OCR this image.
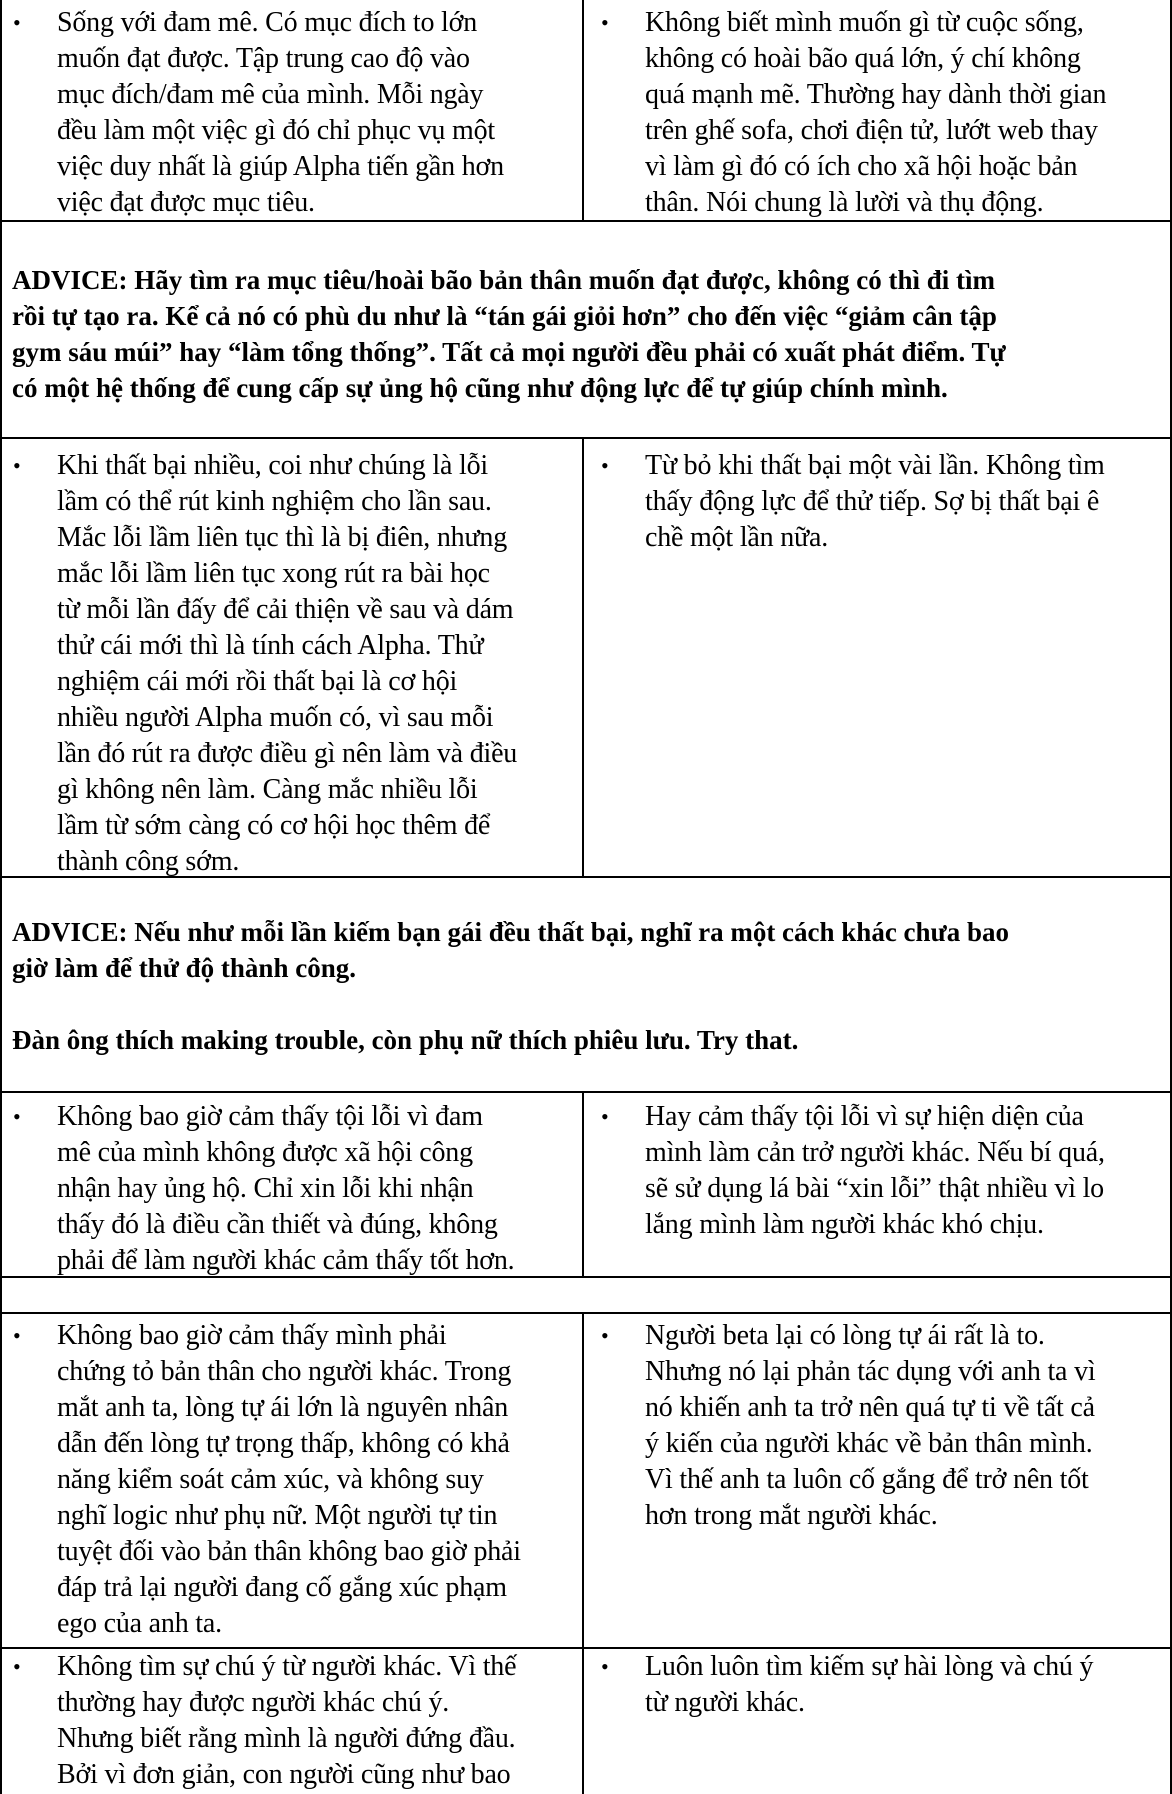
• Sống với đam mê. Có mục đích to lớn
muốn đạt được. Tập trung cao độ vào
mục đích/đam mê của mình. Mỗi ngày
đều làm một việc gì đó chỉ phục vụ một
việc duy nhất là giúp Alpha tiến gần hơn
việc đạt được mục tiêu.
• Không biết mình muốn gì từ cuộc sống,
không có hoài bão quá lớn, ý chí không
quá mạnh mẽ. Thường hay dành thời gian
trên ghế sofa, chơi điện tử, lướt web thay
vì làm gì đó có ích cho xã hội hoặc bản
thân. Nói chung là lười và thụ động.
ADVICE: Hãy tìm ra mục tiêu/hoài bão bản thân muốn đạt được, không có thì đi tìm
rồi tự tạo ra. Kể cả nó có phù du như là “tán gái giỏi hơn” cho đến việc “giảm cân tập
gym sáu múi” hay “làm tổng thống”. Tất cả mọi người đều phải có xuất phát điểm. Tự
có một hệ thống để cung cấp sự ủng hộ cũng như động lực để tự giúp chính mình.
• Khi thất bại nhiều, coi như chúng là lỗi
lầm có thể rút kinh nghiệm cho lần sau.
Mắc lỗi lầm liên tục thì là bị điên, nhưng
mắc lỗi lầm liên tục xong rút ra bài học
từ mỗi lần đấy để cải thiện về sau và dám
thử cái mới thì là tính cách Alpha. Thử
nghiệm cái mới rồi thất bại là cơ hội
nhiều người Alpha muốn có, vì sau mỗi
lần đó rút ra được điều gì nên làm và điều
gì không nên làm. Càng mắc nhiều lỗi
lầm từ sớm càng có cơ hội học thêm để
thành công sớm.
• Từ bỏ khi thất bại một vài lần. Không tìm
thấy động lực để thử tiếp. Sợ bị thất bại ê
chề một lần nữa.
ADVICE: Nếu như mỗi lần kiếm bạn gái đều thất bại, nghĩ ra một cách khác chưa bao
giờ làm để thử độ thành công.

Đàn ông thích making trouble, còn phụ nữ thích phiêu lưu. Try that.
• Không bao giờ cảm thấy tội lỗi vì đam
mê của mình không được xã hội công
nhận hay ủng hộ. Chỉ xin lỗi khi nhận
thấy đó là điều cần thiết và đúng, không
phải để làm người khác cảm thấy tốt hơn.
• Hay cảm thấy tội lỗi vì sự hiện diện của
mình làm cản trở người khác. Nếu bí quá,
sẽ sử dụng lá bài “xin lỗi” thật nhiều vì lo
lắng mình làm người khác khó chịu.
• Không bao giờ cảm thấy mình phải
chứng tỏ bản thân cho người khác. Trong
mắt anh ta, lòng tự ái lớn là nguyên nhân
dẫn đến lòng tự trọng thấp, không có khả
năng kiểm soát cảm xúc, và không suy
nghĩ logic như phụ nữ. Một người tự tin
tuyệt đối vào bản thân không bao giờ phải
đáp trả lại người đang cố gắng xúc phạm
ego của anh ta.
• Người beta lại có lòng tự ái rất là to.
Nhưng nó lại phản tác dụng với anh ta vì
nó khiến anh ta trở nên quá tự ti về tất cả
ý kiến của người khác về bản thân mình.
Vì thế anh ta luôn cố gắng để trở nên tốt
hơn trong mắt người khác.
• Không tìm sự chú ý từ người khác. Vì thế
thường hay được người khác chú ý.
Nhưng biết rằng mình là người đứng đầu.
Bởi vì đơn giản, con người cũng như bao
• Luôn luôn tìm kiếm sự hài lòng và chú ý
từ người khác.
